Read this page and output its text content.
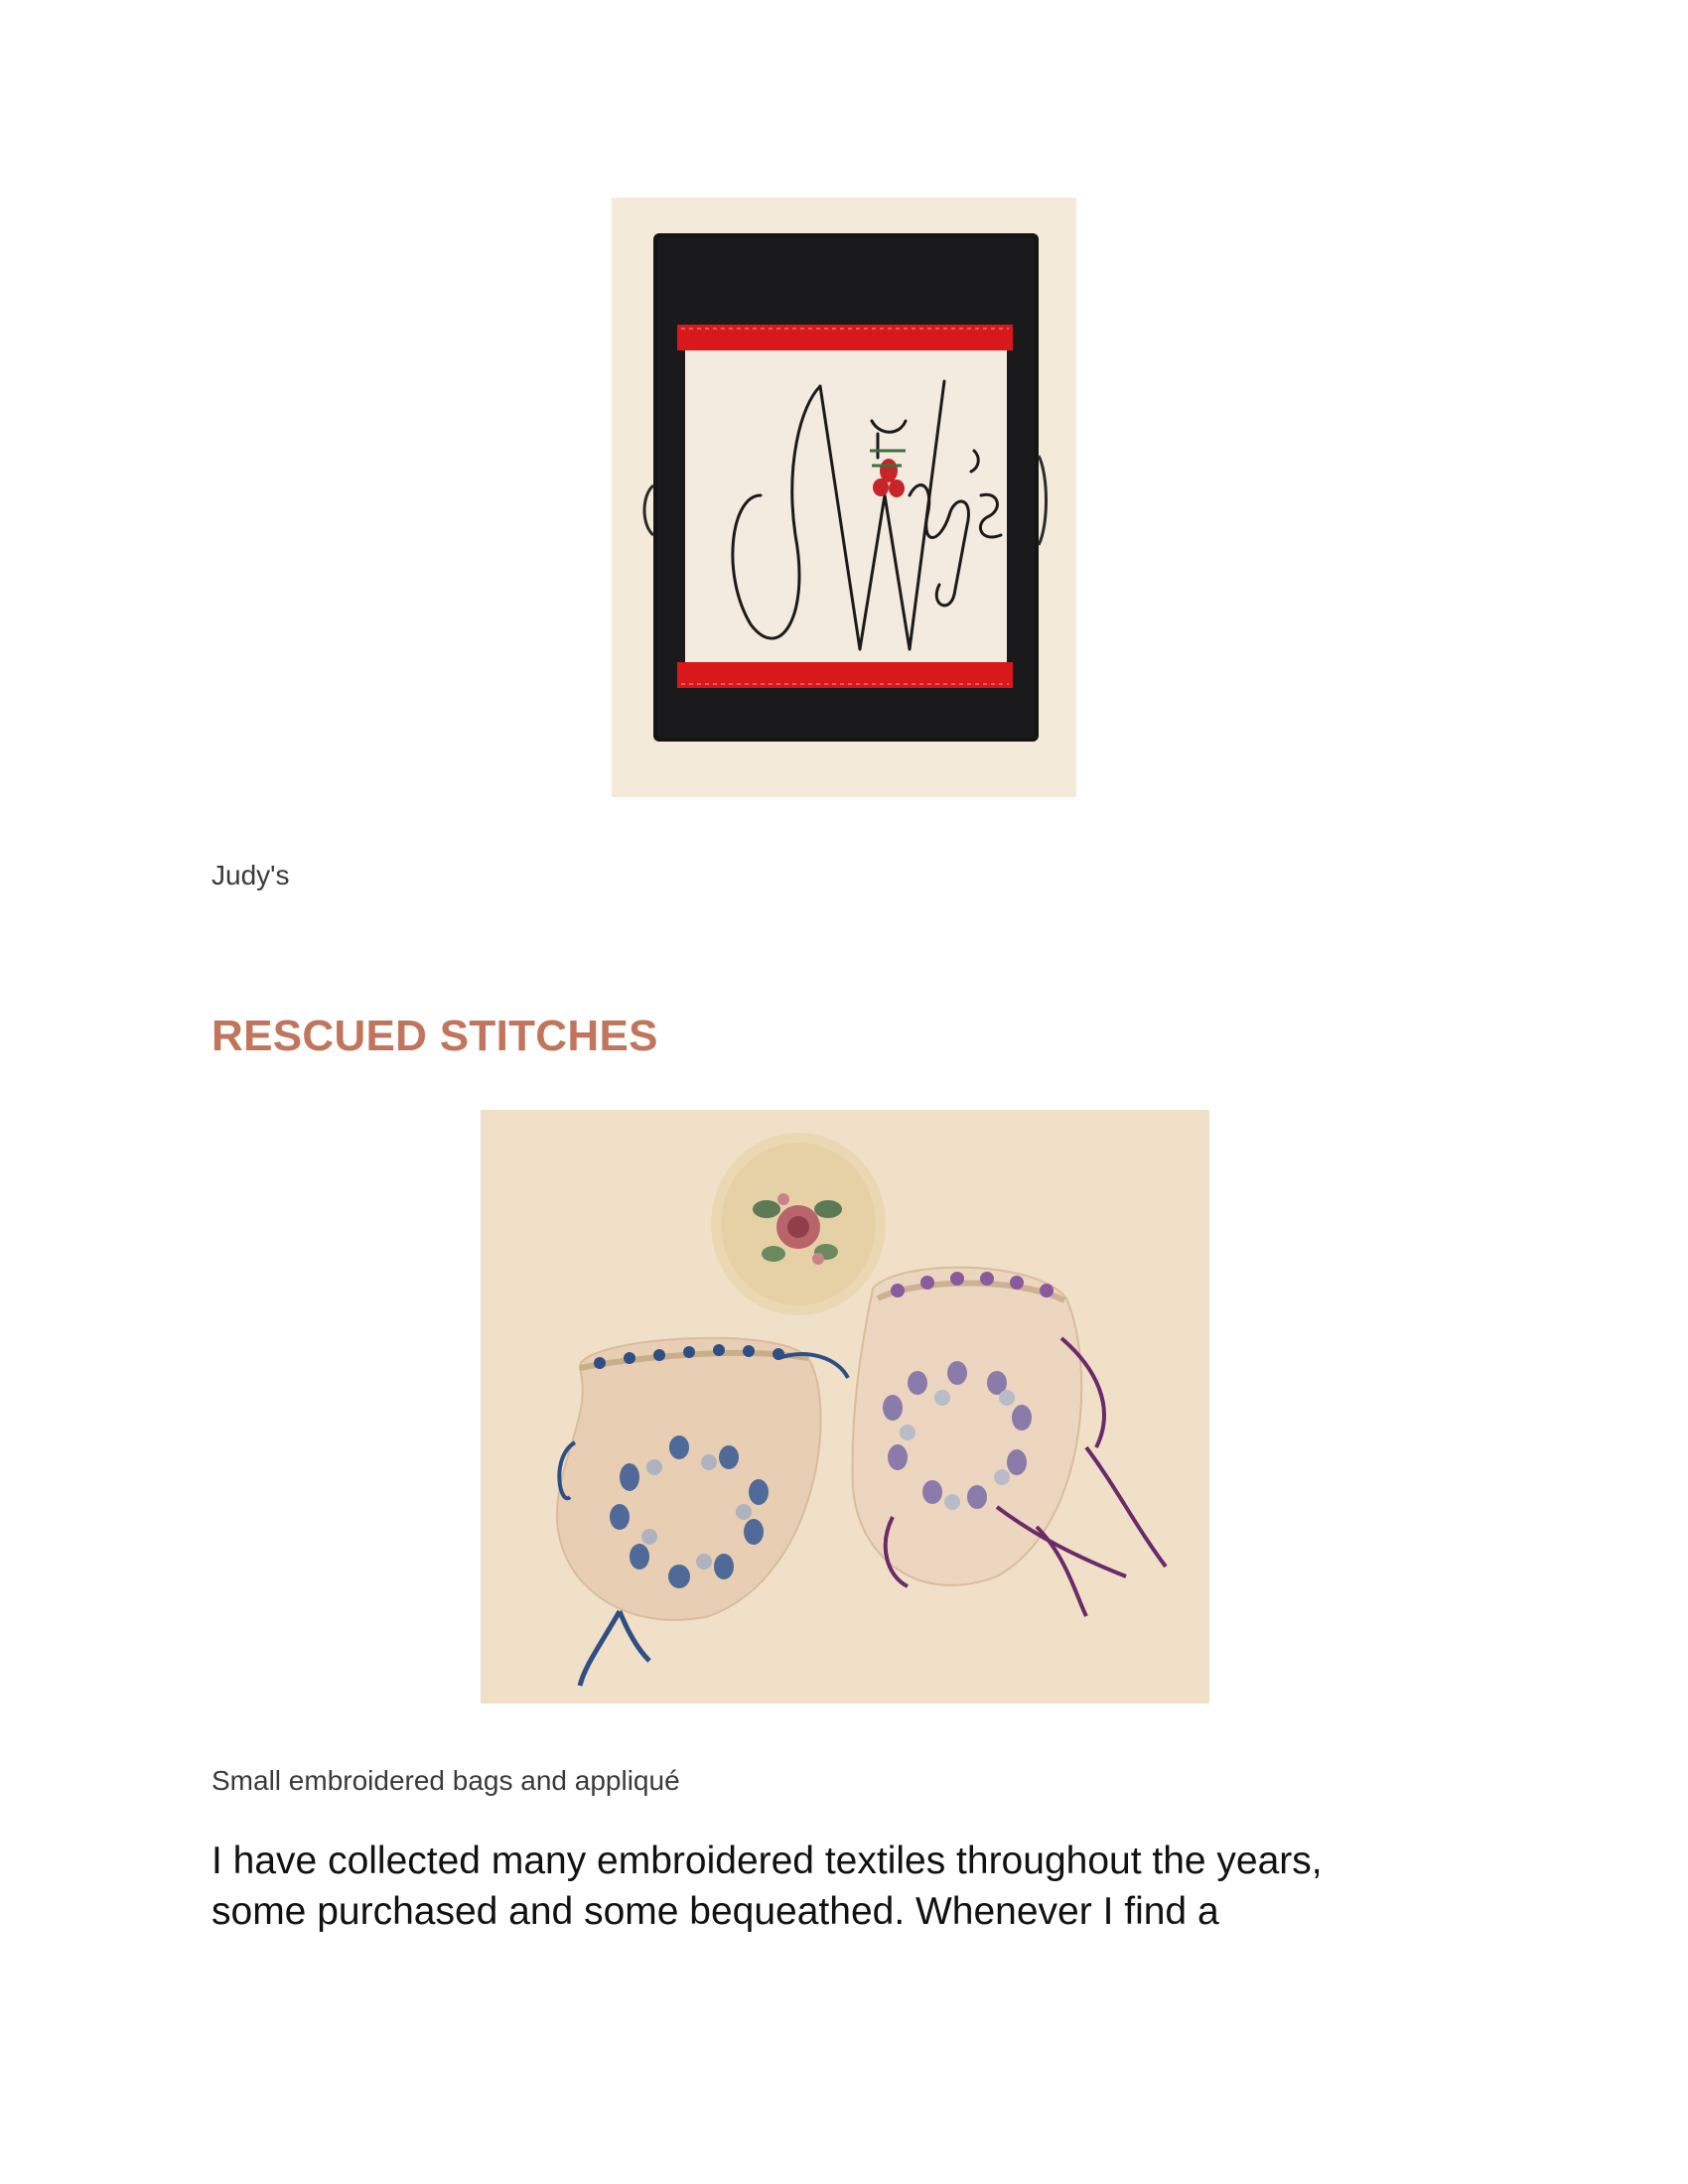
Judy's
RESCUED STITCHES
Small embroidered bags and appliqué

I have collected many embroidered textiles throughout the years,
some purchased and some bequeathed. Whenever I find a
